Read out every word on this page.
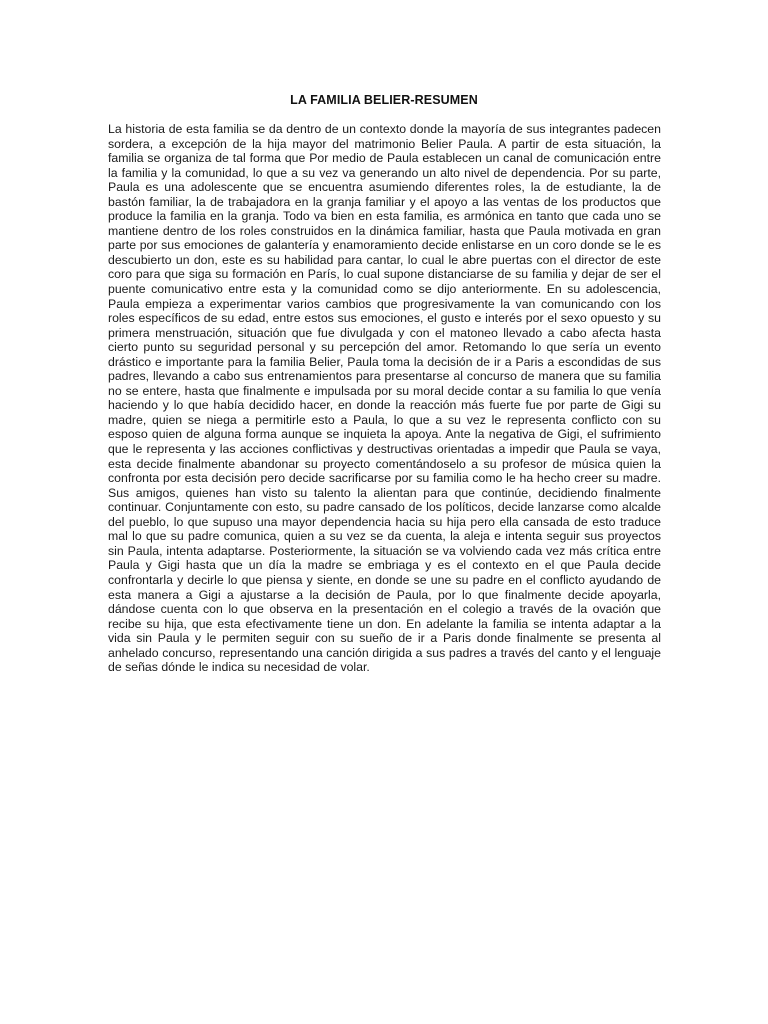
LA FAMILIA BELIER-RESUMEN

La historia de esta familia se da dentro de un contexto donde la mayoría de sus integrantes padecen sordera, a excepción de la hija mayor del matrimonio Belier Paula. A partir de esta situación, la familia se organiza de tal forma que Por medio de Paula establecen un canal de comunicación entre la familia y la comunidad, lo que a su vez va generando un alto nivel de dependencia. Por su parte, Paula es una adolescente que se encuentra asumiendo diferentes roles, la de estudiante, la de bastón familiar, la de trabajadora en la granja familiar y el apoyo a las ventas de los productos que produce la familia en la granja. Todo va bien en esta familia, es armónica en tanto que cada uno se mantiene dentro de los roles construidos en la dinámica familiar, hasta que Paula motivada en gran parte por sus emociones de galantería y enamoramiento decide enlistarse en un coro donde se le es descubierto un don, este es su habilidad para cantar, lo cual le abre puertas con el director de este coro para que siga su formación en París, lo cual supone distanciarse de su familia y dejar de ser el puente comunicativo entre esta y la comunidad como se dijo anteriormente. En su adolescencia, Paula empieza a experimentar varios cambios que progresivamente la van comunicando con los roles específicos de su edad, entre estos sus emociones, el gusto e interés por el sexo opuesto y su primera menstruación, situación que fue divulgada y con el matoneo llevado a cabo afecta hasta cierto punto su seguridad personal y su percepción del amor. Retomando lo que sería un evento drástico e importante para la familia Belier, Paula toma la decisión de ir a Paris a escondidas de sus padres, llevando a cabo sus entrenamientos para presentarse al concurso de manera que su familia no se entere, hasta que finalmente e impulsada por su moral decide contar a su familia lo que venía haciendo y lo que había decidido hacer, en donde la reacción más fuerte fue por parte de Gigi su madre, quien se niega a permitirle esto a Paula, lo que a su vez le representa conflicto con su esposo quien de alguna forma aunque se inquieta la apoya. Ante la negativa de Gigi, el sufrimiento que le representa y las acciones conflictivas y destructivas orientadas a impedir que Paula se vaya, esta decide finalmente abandonar su proyecto comentándoselo a su profesor de música quien la confronta por esta decisión pero decide sacrificarse por su familia como le ha hecho creer su madre. Sus amigos, quienes han visto su talento la alientan para que continúe, decidiendo finalmente continuar. Conjuntamente con esto, su padre cansado de los políticos, decide lanzarse como alcalde del pueblo, lo que supuso una mayor dependencia hacia su hija pero ella cansada de esto traduce mal lo que su padre comunica, quien a su vez se da cuenta, la aleja e intenta seguir sus proyectos sin Paula, intenta adaptarse. Posteriormente, la situación se va volviendo cada vez más crítica entre Paula y Gigi hasta que un día la madre se embriaga y es el contexto en el que Paula decide confrontarla y decirle lo que piensa y siente, en donde se une su padre en el conflicto ayudando de esta manera a Gigi a ajustarse a la decisión de Paula, por lo que finalmente decide apoyarla, dándose cuenta con lo que observa en la presentación en el colegio a través de la ovación que recibe su hija, que esta efectivamente tiene un don. En adelante la familia se intenta adaptar a la vida sin Paula y le permiten seguir con su sueño de ir a Paris donde finalmente se presenta al anhelado concurso, representando una canción dirigida a sus padres a través del canto y el lenguaje de señas dónde le indica su necesidad de volar.
